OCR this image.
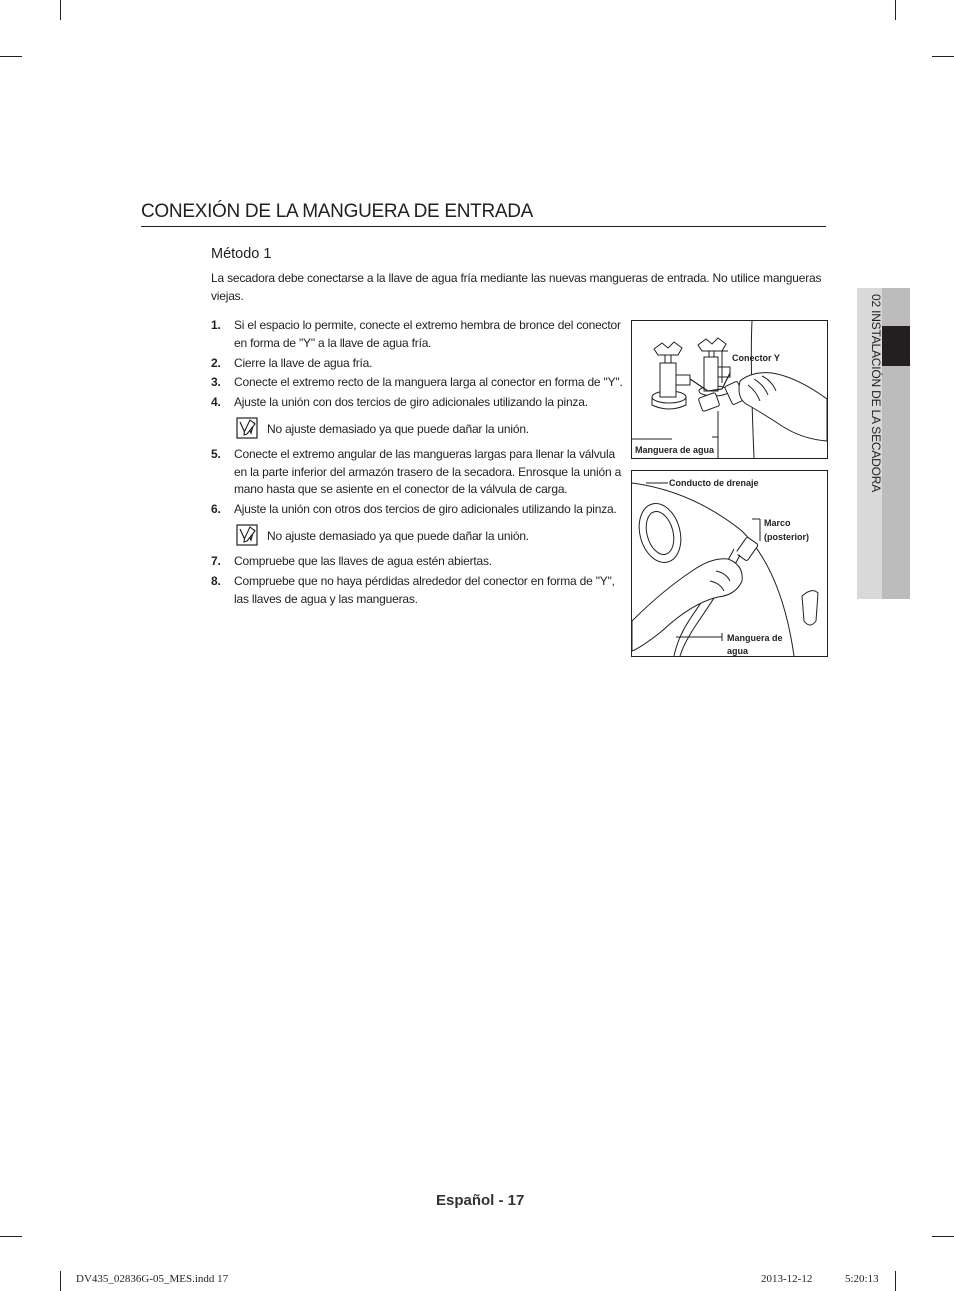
CONEXIÓN DE LA MANGUERA DE ENTRADA
Método 1

La secadora debe conectarse a la llave de agua fría mediante las nuevas mangueras de entrada. No utilice mangueras viejas.

1. Si el espacio lo permite, conecte el extremo hembra de bronce del conector
en forma de "Y" a la llave de agua fría.
2. Cierre la llave de agua fría.
3. Conecte el extremo recto de la manguera larga al conector en forma de "Y".
4. Ajuste la unión con dos tercios de giro adicionales utilizando la pinza.
No ajuste demasiado ya que puede dañar la unión.
5. Conecte el extremo angular de las mangueras largas para llenar la válvula
en la parte inferior del armazón trasero de la secadora. Enrosque la unión a
mano hasta que se asiente en el conector de la válvula de carga.
6. Ajuste la unión con otros dos tercios de giro adicionales utilizando la pinza.
No ajuste demasiado ya que puede dañar la unión.
7. Compruebe que las llaves de agua estén abiertas.
8. Compruebe que no haya pérdidas alrededor del conector en forma de "Y",
las llaves de agua y las mangueras.
Conector Y
Manguera de agua
Conducto de drenaje
Marco
(posterior)
Manguera de
agua
02 INSTALACIÓN DE LA SECADORA
Español - 17
DV435_02836G-05_MES.indd 17	2013-12-12	5:20:13
